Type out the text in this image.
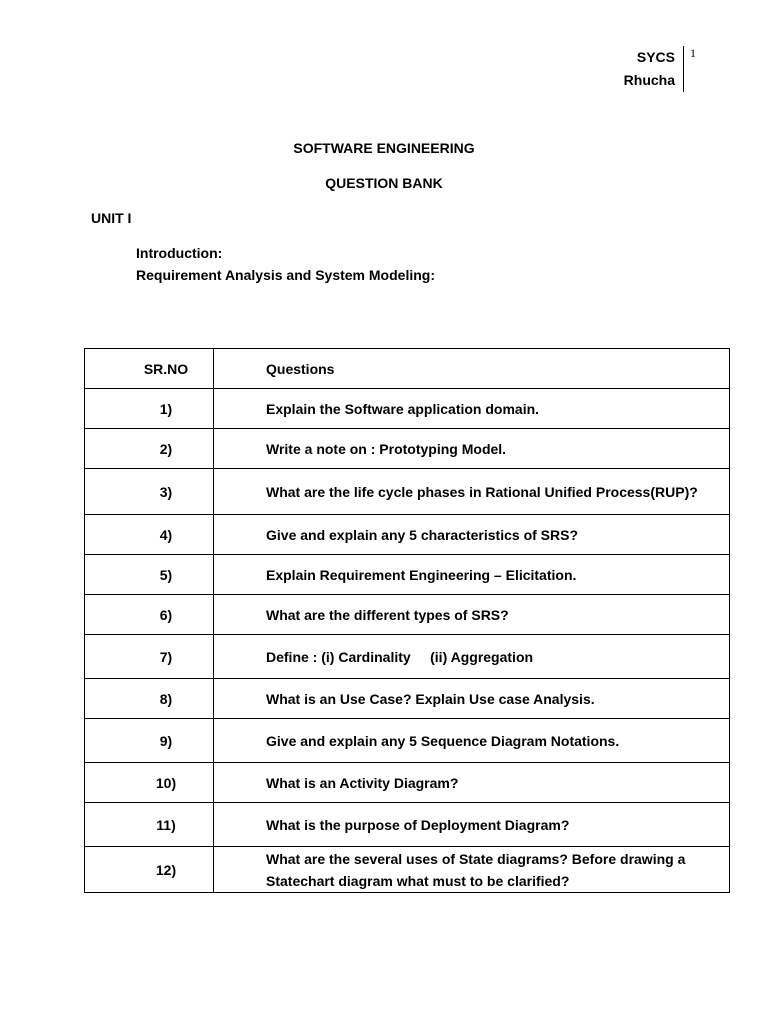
SYCS
Rhucha
1
SOFTWARE ENGINEERING
QUESTION BANK
UNIT I
Introduction:
Requirement Analysis and System Modeling:
SR.NO	Questions
1)	Explain the Software application domain.
2)	Write a note on : Prototyping Model.
3)	What are the life cycle phases in Rational Unified Process(RUP)?
4)	Give and explain any 5 characteristics of SRS?
5)	Explain Requirement Engineering – Elicitation.
6)	What are the different types of SRS?
7)	Define : (i) Cardinality     (ii) Aggregation
8)	What is an Use Case? Explain Use case Analysis.
9)	Give and explain any 5 Sequence Diagram Notations.
10)	What is an Activity Diagram?
11)	What is the purpose of Deployment Diagram?
12)	What are the several uses of State diagrams? Before drawing a Statechart diagram what must to be clarified?
